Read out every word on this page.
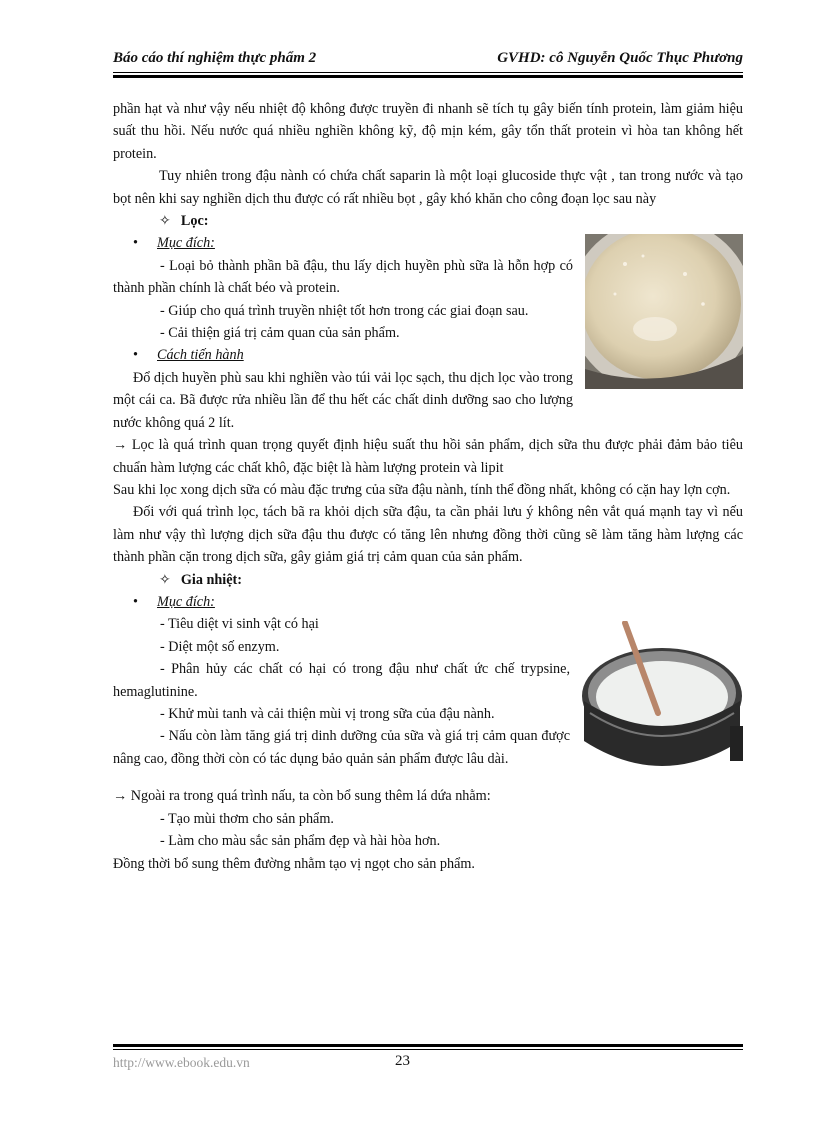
Báo cáo thí nghiệm thực phẩm 2	GVHD: cô Nguyễn Quốc Thục Phương

phần hạt và như vậy nếu nhiệt độ không được truyền đi nhanh sẽ tích tụ gây biến tính protein, làm giảm hiệu suất thu hồi. Nếu nước quá nhiều nghiền không kỹ, độ mịn kém, gây tổn thất protein vì hòa tan không hết protein.

Tuy nhiên trong đậu nành có chứa chất saparin là một loại glucoside thực vật , tan trong nước và tạo bọt nên khi say nghiền dịch thu được có rất nhiều bọt , gây khó khăn cho công đoạn lọc sau này

✧ Lọc:

• Mục đích:

- Loại bỏ thành phần bã đậu, thu lấy dịch huyền phù sữa là hỗn hợp có thành phần chính là chất béo và protein.

- Giúp cho quá trình truyền nhiệt tốt hơn trong các giai đoạn sau.

- Cải thiện giá trị cảm quan của sản phẩm.

• Cách tiến hành

Đổ dịch huyền phù sau khi nghiền vào túi vải lọc sạch, thu dịch lọc vào trong một cái ca. Bã được rửa nhiều lần để thu hết các chất dinh dưỡng sao cho lượng nước không quá 2 lít.

→ Lọc là quá trình quan trọng quyết định hiệu suất thu hồi sản phẩm, dịch sữa thu được phải đảm bảo tiêu chuẩn hàm lượng các chất khô, đặc biệt là hàm lượng protein và lipit

Sau khi lọc xong dịch sữa có màu đặc trưng của sữa đậu nành, tính thể đồng nhất, không có cặn hay lợn cợn.

Đối với quá trình lọc, tách bã ra khỏi dịch sữa đậu, ta cần phải lưu ý không nên vắt quá mạnh tay vì nếu làm như vậy thì lượng dịch sữa đậu thu được có tăng lên nhưng đồng thời cũng sẽ làm tăng hàm lượng các thành phần cặn trong dịch sữa, gây giảm giá trị cảm quan của sản phẩm.

✧ Gia nhiệt:

• Mục đích:

- Tiêu diệt vi sinh vật có hại

- Diệt một số enzym.

- Phân hủy các chất có hại có trong đậu như chất ức chế trypsine, hemaglutinine.

- Khử mùi tanh và cải thiện mùi vị trong sữa của đậu nành.

- Nấu còn làm tăng giá trị dinh dưỡng của sữa và giá trị cảm quan được nâng cao, đồng thời còn có tác dụng bảo quản sản phẩm được lâu dài.

→ Ngoài ra trong quá trình nấu, ta còn bổ sung thêm lá dứa nhằm:

- Tạo mùi thơm cho sản phẩm.

- Làm cho màu sắc sản phẩm đẹp và hài hòa hơn.

Đồng thời bổ sung thêm đường nhằm tạo vị ngọt cho sản phẩm.

http://www.ebook.edu.vn	23
